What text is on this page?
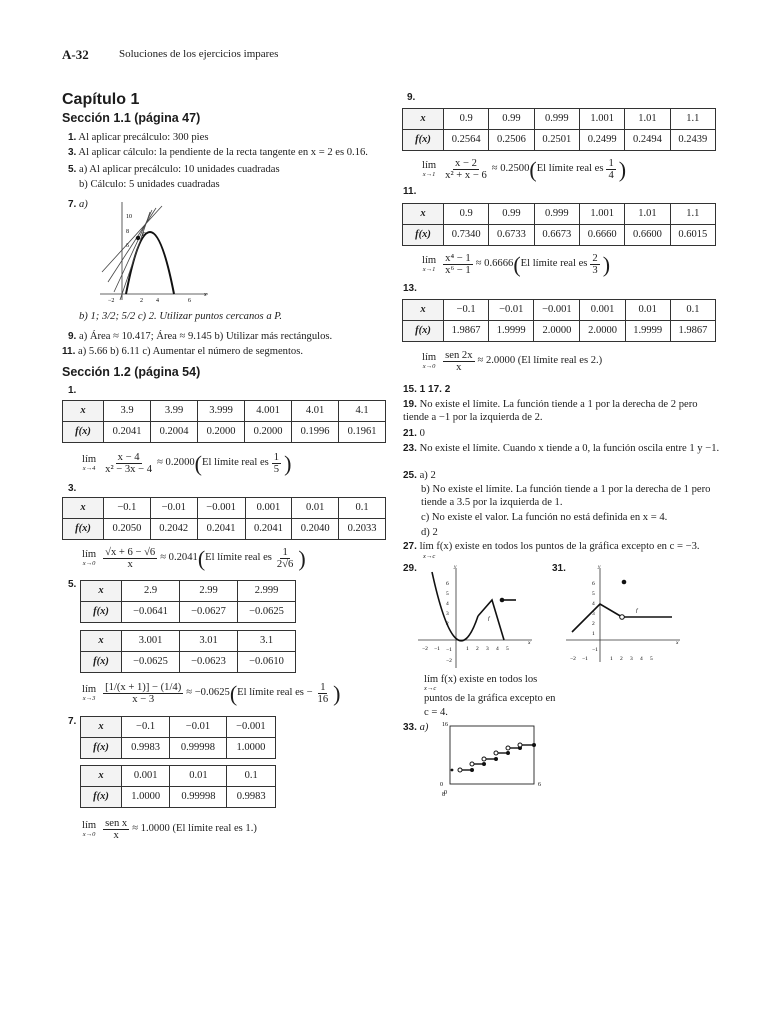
A-32	Soluciones de los ejercicios impares
Capítulo 1
Sección 1.1 (página 47)
1. Al aplicar precálculo: 300 pies
3. Al aplicar cálculo: la pendiente de la recta tangente en x = 2 es 0.16.
5. a) Al aplicar precálculo: 10 unidades cuadradas
b) Cálculo: 5 unidades cuadradas
7. a)
10
8
6
−2	2 4	6
x
P
b) 1; 3/2; 5/2 c) 2. Utilizar puntos cercanos a P.
9. a) Área ≈ 10.417; Área ≈ 9.145 b) Utilizar más rectángulos.
11. a) 5.66 b) 6.11 c) Aumentar el número de segmentos.
Sección 1.2 (página 54)
1.
x	3.9	3.99	3.999	4.001	4.01	4.1
f(x)	0.2041	0.2004	0.2000	0.2000	0.1996	0.1961
lím
$x\to 4 \frac{x - 4}{\text{x² − 3x − 4}} \approx 0.2000$ ( El límite real es $\frac{1}{5}$ )
3.
x	−0.1	−0.01	−0.001	0.001	0.01	0.1
f(x)	0.2050	0.2042	0.2041	0.2041	0.2040	0.2033
lím
$x\to 0 \frac{√x + 6 - √6}{x} \approx 0.2041$ ( El límite real es $\frac{1}{2√6}$ )
5.
x	2.9	2.99	2.999
f(x)	−0.0641	−0.0627	−0.0625
x	3.001	3.01	3.1
f(x)	−0.0625	−0.0623	−0.0610
lím
$x\to 3 \frac{[1/(x + 1)] - (1/4)}{x - 3} \approx -0.0625$ ( El límite real es − $\frac{1}{16}$ )
7. x	−0.1	−0.01	−0.001
f(x)	0.9983	0.99998	1.0000
x	0.001	0.01	0.1
f(x)	1.0000	0.99998	0.9983
lím
$x\to 0 \frac{\text{sen x}}{x} \approx 1.0000$ (El límite real es 1.)
9.
x	0.9	0.99	0.999	1.001	1.01	1.1
f(x)	0.2564	0.2506	0.2501	0.2499	0.2494	0.2439
lím
$x\to 1 \frac{x - 2}{\text{x² + x − 6}} \approx 0.2500$ ( El límite real es $\frac{1}{4}$ )
11.
x	0.9	0.99	0.999	1.001	1.01	1.1
f(x)	0.7340	0.6733	0.6673	0.6660	0.6600	0.6015
lím
$x\to 1 \frac{\text{x⁴ − 1}}{\text{x⁶ − 1}} \approx 0.6666$ ( El límite real es $\frac{2}{3}$ )
13.
x	−0.1	−0.01	−0.001	0.001	0.01	0.1
f(x)	1.9867	1.9999	2.0000	2.0000	1.9999	1.9867
lím
$x\to 0 \frac{\text{sen 2x}}{x} \approx 2.0000$ (El límite real es 2.)
15. 1 17. 2
19. No existe el límite. La función tiende a 1 por la derecha de 2 pero tiende a −1 por la izquierda de 2.
21. 0
23. No existe el límite. Cuando x tiende a 0, la función oscila entre 1 y −1.
25. a) 2
b) No existe el límite. La función tiende a 1 por la derecha de 1 pero tiende a 3.5 por la izquierda de 1.
c) No existe el valor. La función no está definida en x = 4.
d) 2
27. lím f(x) existe en todos los puntos de la gráfica excepto en c = −3.
x→c
29.	31.
y
x
6
5
4
3
2
−1
−2
−2 −1	1 2 3 4 5
f
y
x
6
5
4
3
2
1
−1
−2 −1	1 2 3 4 5
f
lím f(x) existe en todos los
x→c
puntos de la gráfica excepto en
c = 4.
33. a) 16
0
0
6
8
